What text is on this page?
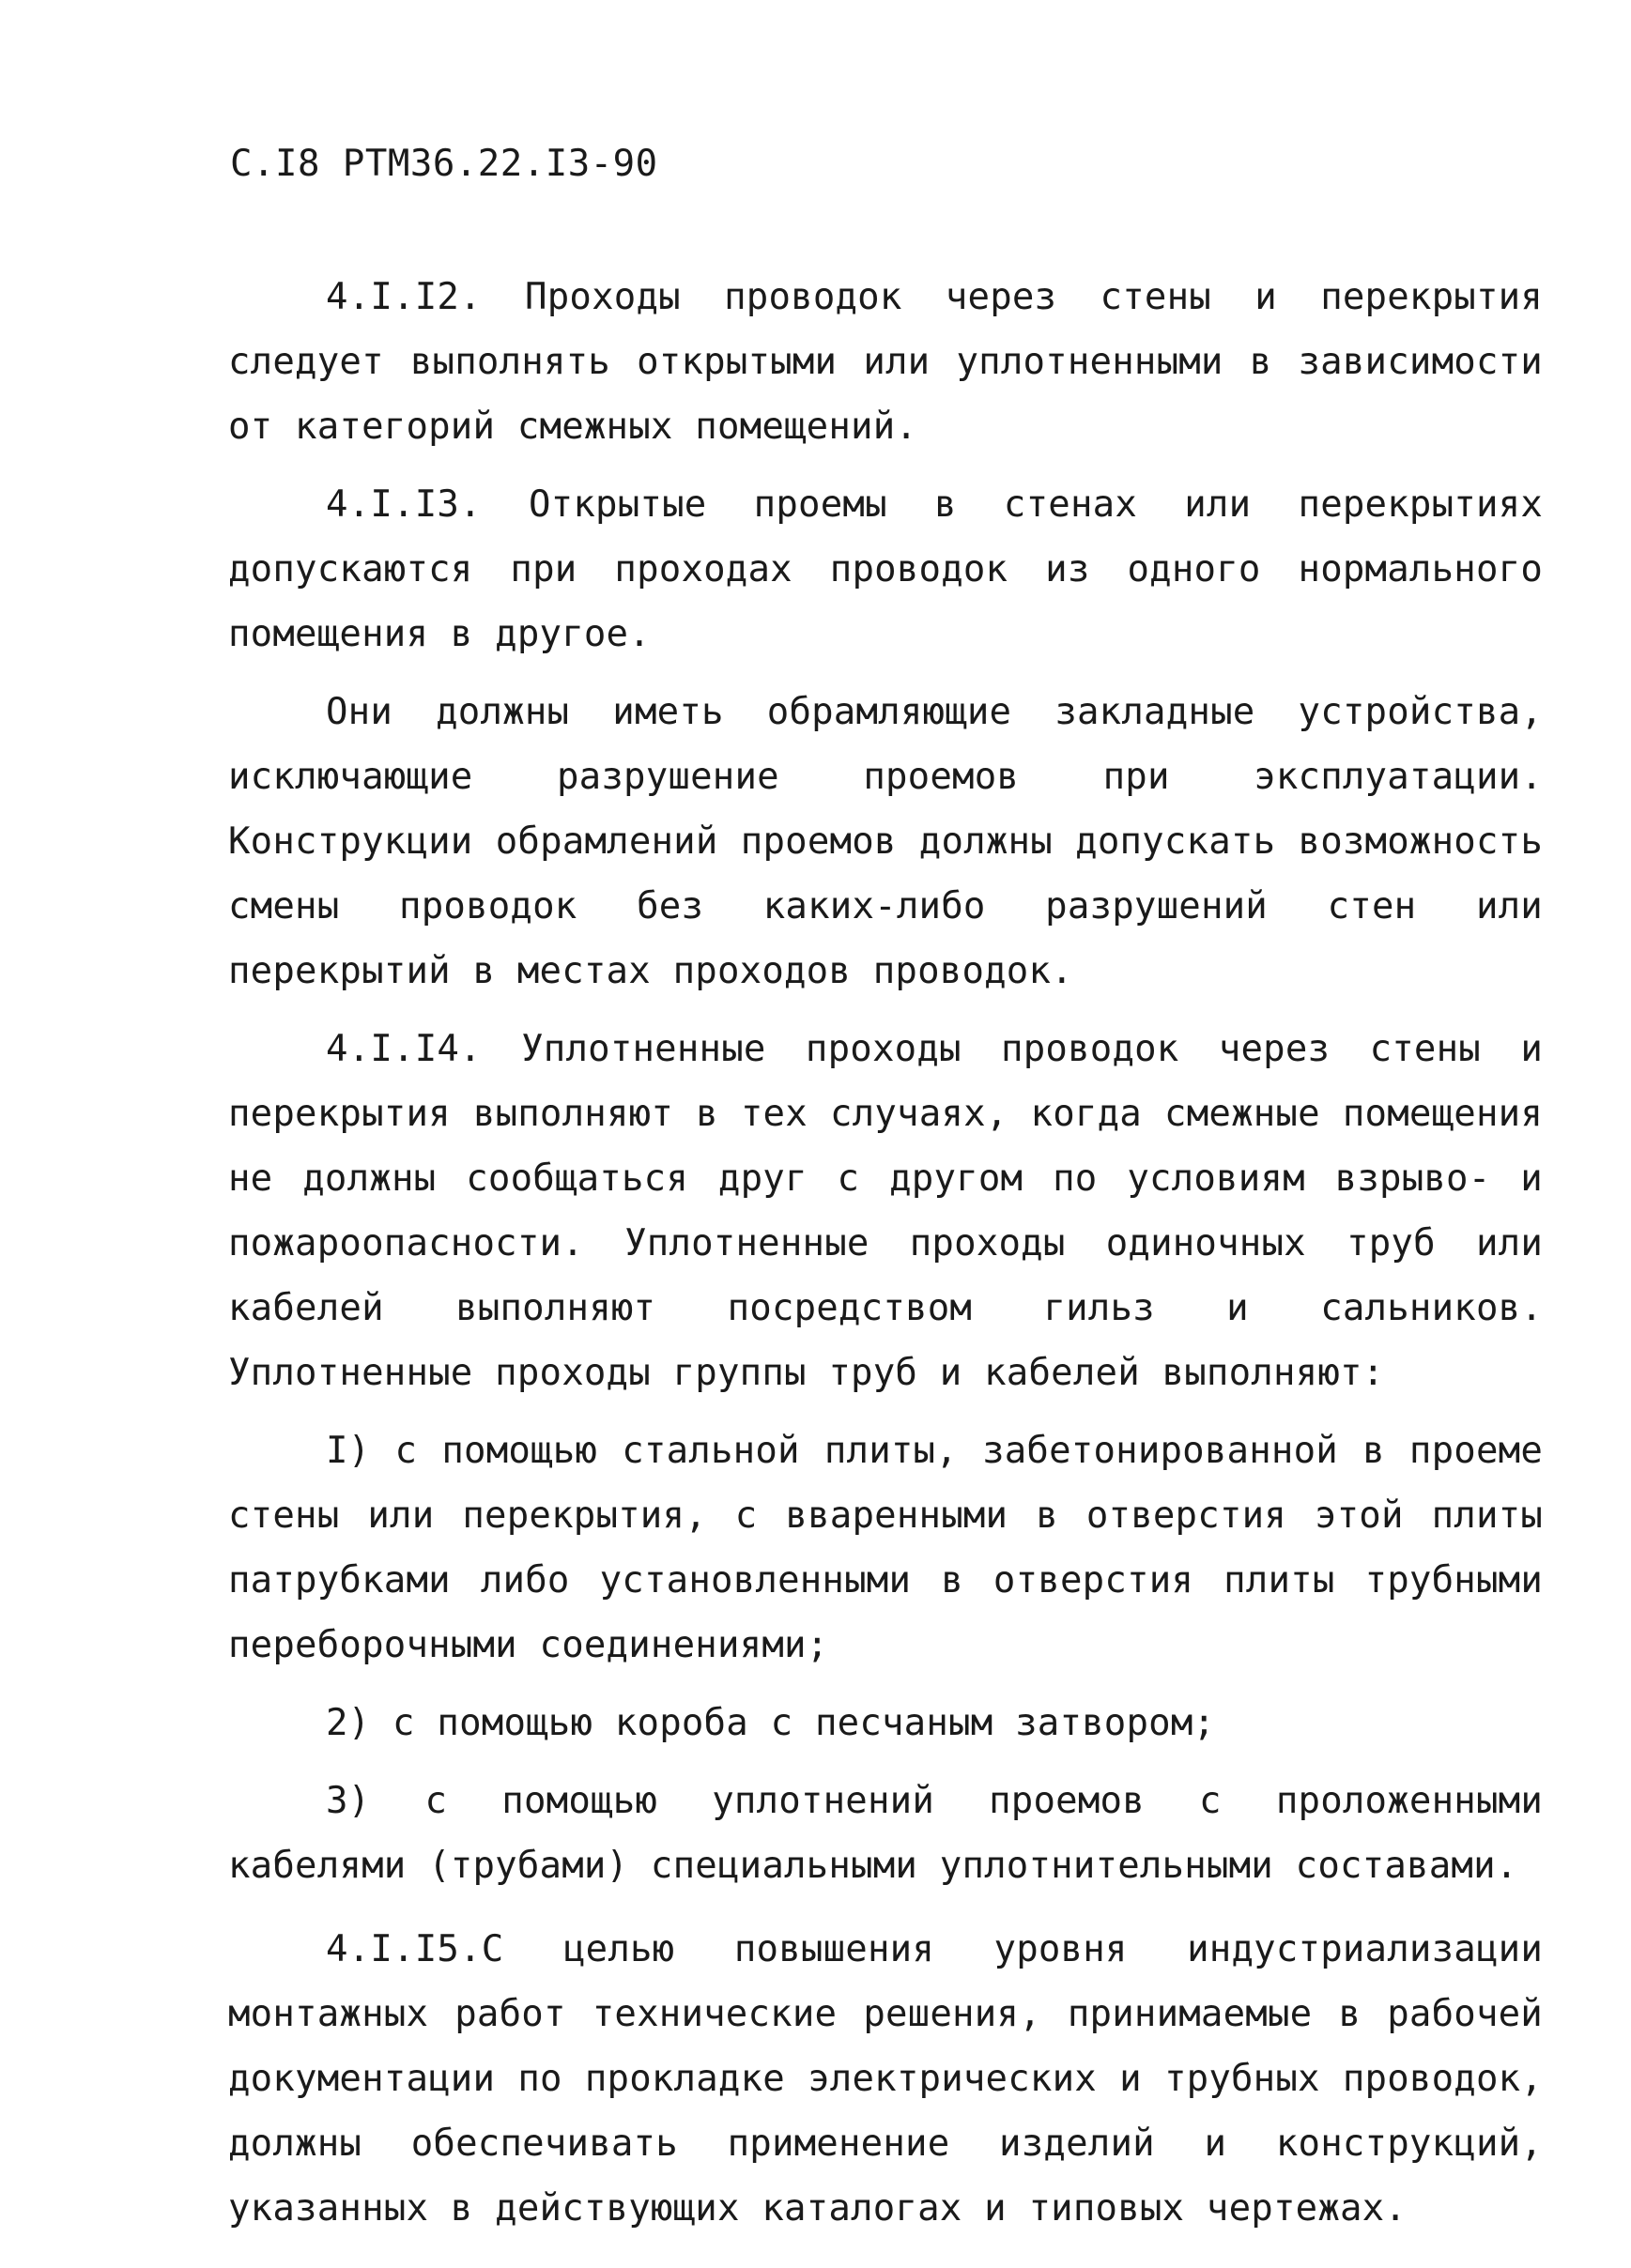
С.I8 РТМ36.22.I3-90

4.I.I2. Проходы проводок через стены и перекрытия следует выполнять открытыми или уплотненными в зависимости от категорий смежных помещений.

4.I.I3. Открытые проемы в стенах или перекрытиях допускаются при проходах проводок из одного нормального помещения в другое.

Они должны иметь обрамляющие закладные устройства, исключающие разрушение проемов при эксплуатации. Конструкции обрамлений проемов должны допускать возможность смены проводок без каких-либо разрушений стен или перекрытий в местах проходов проводок.

4.I.I4. Уплотненные проходы проводок через стены и перекрытия выполняют в тех случаях, когда смежные помещения не должны сообщаться друг с другом по условиям взрыво- и пожароопасности. Уплотненные проходы одиночных труб или кабелей выполняют посредством гильз и сальников. Уплотненные проходы группы труб и кабелей выполняют:

I) с помощью стальной плиты, забетонированной в проеме стены или перекрытия, с вваренными в отверстия этой плиты патрубками либо установленными в отверстия плиты трубными переборочными соединениями;

2) с помощью короба с песчаным затвором;

3) с помощью уплотнений проемов с проложенными кабелями (трубами) специальными уплотнительными составами.

4.I.I5.С целью повышения уровня индустриализации монтажных работ технические решения, принимаемые в рабочей документации по прокладке электрических и трубных проводок, должны обеспечивать применение изделий и конструкций, указанных в действующих каталогах и типовых чертежах.
